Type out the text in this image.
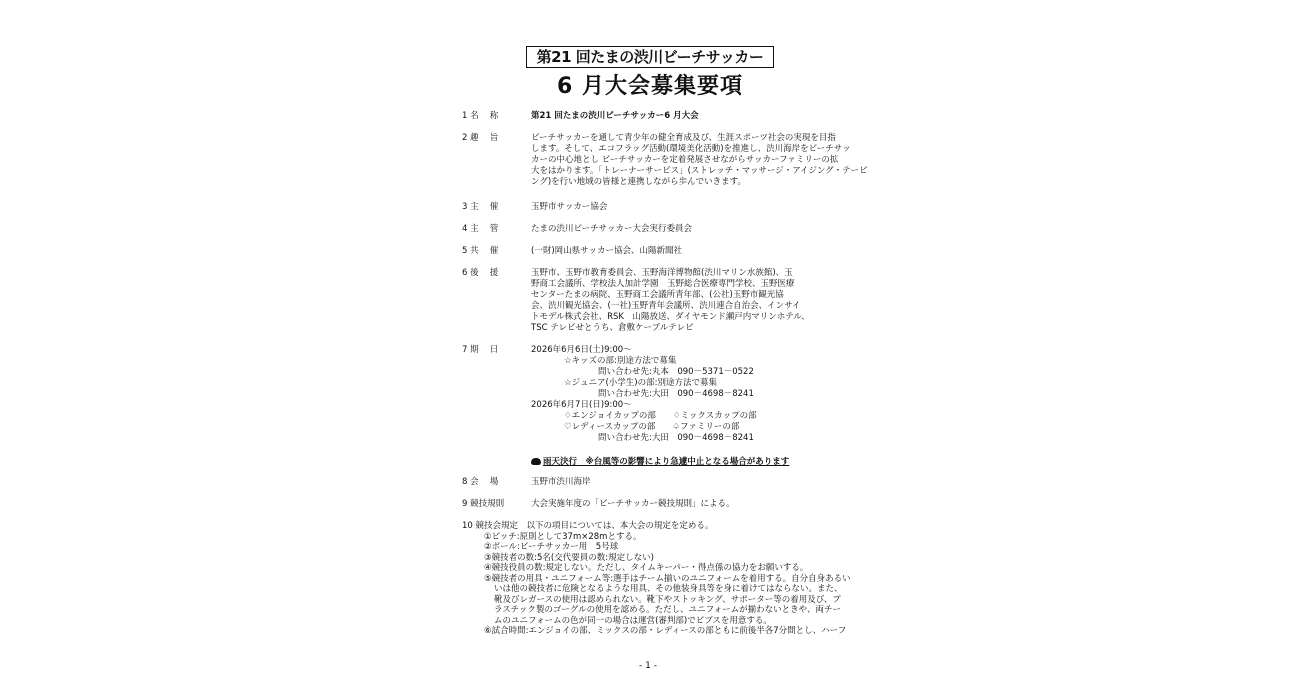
第21 回たまの渋川ビーチサッカー
6 月大会募集要項
1 名　 称	第21 回たまの渋川ビーチサッカー6 月大会
2 趣　 旨	ビーチサッカーを通して青少年の健全育成及び、生涯スポーツ社会の実現を目指
します。そして、エコフラッグ活動(環境美化活動)を推進し、渋川海岸をビーチサッ
カーの中心地とし ビーチサッカーを定着発展させながらサッカーファミリーの拡
大をはかります。「トレーナーサービス」(ストレッチ・マッサージ・アイジング・テーピ
ング)を行い地域の皆様と連携しながら歩んでいきます。
3 主　 催	玉野市サッカー協会
4 主　 管	たまの渋川ビーチサッカー大会実行委員会
5 共　 催	(一財)岡山県サッカー協会、山陽新聞社
6 後　 援	玉野市、玉野市教育委員会、玉野海洋博物館(渋川マリン水族館)、玉
野商工会議所、学校法人加計学園　玉野総合医療専門学校、玉野医療
センターたまの病院、玉野商工会議所青年部、(公社)玉野市観光協
会、渋川観光協会、(一社)玉野青年会議所、渋川連合自治会、インサイ
トモデル株式会社、RSK　山陽放送、ダイヤモンド瀬戸内マリンホテル、
TSC テレビせとうち、倉敷ケーブルテレビ
7 期　 日	2026年6月6日(土)9:00～
☆キッズの部:別途方法で募集
問い合わせ先:丸本　090－5371－0522
☆ジュニア(小学生)の部:別途方法で募集
問い合わせ先:大田　090－4698－8241
2026年6月7日(日)9:00～
♢エンジョイカップの部　　♢ミックスカップの部
♡レディースカップの部　　♤ファミリーの部
問い合わせ先:大田　090－4698－8241
雨天決行　※台風等の影響により急遽中止となる場合があります
8 会　 場	玉野市渋川海岸
9 競技規則	大会実施年度の「ビーチサッカー競技規則」による。
10 競技会規定　以下の項目については、本大会の規定を定める。
①ピッチ:原則として37m×28mとする。
②ボール:ビーチサッカー用　5号球
③競技者の数:5名(交代要員の数:規定しない)
④競技役員の数:規定しない。ただし、タイムキーパー・得点係の協力をお願いする。
⑤競技者の用具・ユニフォーム等:選手はチーム揃いのユニフォームを着用する。自分自身あるい
いは他の競技者に危険となるような用具、その他装身具等を身に着けてはならない。また、
靴及びレガースの使用は認められない。靴下やストッキング、サポーター等の着用及び、プ
ラスチック製のゴーグルの使用を認める。ただし、ユニフォームが揃わないときや、両チー
ムのユニフォームの色が同一の場合は運営(審判部)でビブスを用意する。
⑥試合時間:エンジョイの部、ミックスの部・レディースの部ともに前後半各7分間とし、ハーフ
- 1 -
